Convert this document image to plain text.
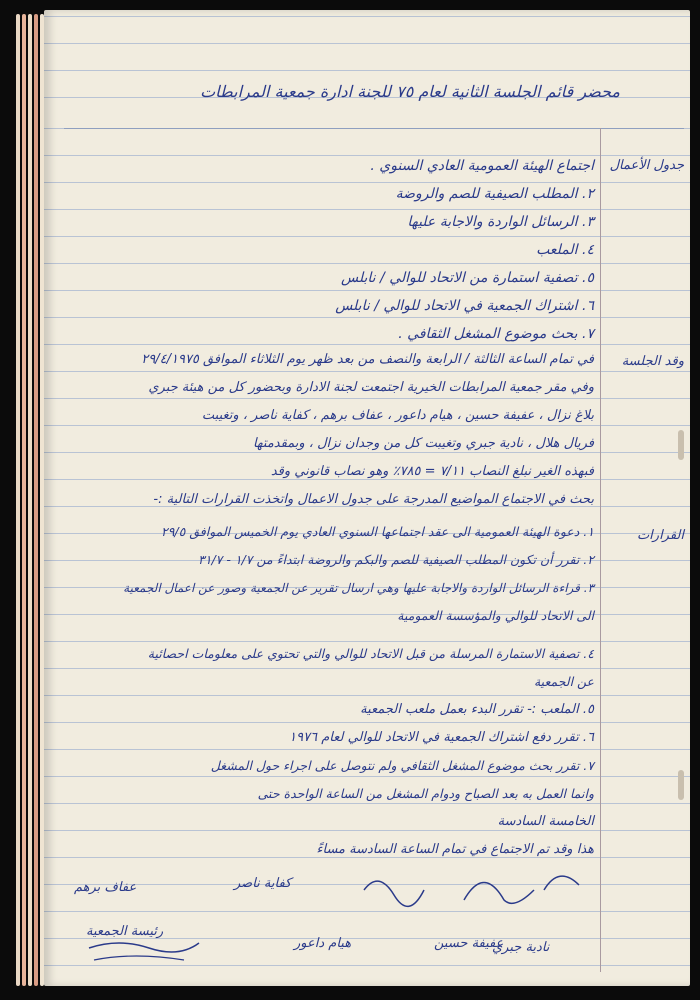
محضر قائم الجلسة الثانية لعام ٧٥ للجنة ادارة جمعية المرابطات
جدول الأعمال
اجتماع الهيئة العمومية العادي السنوي .
٢. المطلب الصيفية للصم والروضة
٣. الرسائل الواردة والاجابة عليها
٤. الملعب
٥. تصفية استمارة من الاتحاد للوالي / نابلس
٦. اشتراك الجمعية في الاتحاد للوالي / نابلس
٧. بحث موضوع المشغل الثقافي .
وقد الجلسة
في تمام الساعة الثالثة / الرابعة والنصف من بعد ظهر يوم الثلاثاء الموافق ٢٩/٤/١٩٧٥
وفي مقر جمعية المرابطات الخيرية اجتمعت لجنة الادارة وبحضور كل من هيئة جبري
بلاغ نزال ، عفيفة حسين ، هيام داعور ، عفاف برهم ، كفاية ناصر ، وتغيبت
فريال هلال ، نادية جبري وتغيبت كل من وجدان نزال ، وبمقدمتها
فبهذه الغير نبلغ النصاب ٧/١١ = ٧٨٥٪ وهو نصاب قانوني وقد
بحث في الاجتماع المواضيع المدرجة على جدول الاعمال واتخذت القرارات التالية :-
القرارات
١. دعوة الهيئة العمومية الى عقد اجتماعها السنوي العادي يوم الخميس الموافق ٢٩/٥
٢. تقرر أن تكون المطلب الصيفية للصم والبكم والروضة ابتداءً من ١/٧ - ٣١/٧
٣. قراءة الرسائل الواردة والاجابة عليها وهي ارسال تقرير عن الجمعية وصور عن اعمال الجمعية
الى الاتحاد للوالي والمؤسسة العمومية
٤. تصفية الاستمارة المرسلة من قبل الاتحاد للوالي والتي تحتوي على معلومات احصائية
عن الجمعية
٥. الملعب :- تقرر البدء بعمل ملعب الجمعية
٦. تقرر دفع اشتراك الجمعية في الاتحاد للوالي لعام ١٩٧٦
٧. تقرر بحث موضوع المشغل الثقافي ولم نتوصل على اجراء حول المشغل
وانما العمل به بعد الصباح ودوام المشغل من الساعة الواحدة حتى
الخامسة السادسة
هذا وقد تم الاجتماع في تمام الساعة السادسة مساءً
عفاف برهم	كفاية ناصر
عفيفة حسين
هيام داعور	نادية جبري
رئيسة الجمعية
